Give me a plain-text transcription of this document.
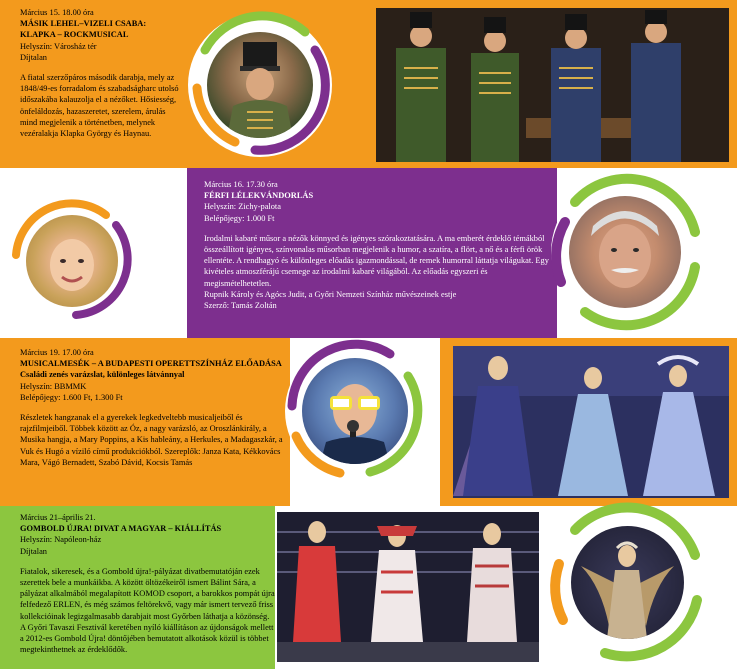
Március 15. 18.00 óra
MÁSIK LEHEL–VIZELI CSABA: KLAPKA – ROCKMUSICAL
Helyszín: Városház tér
Díjtalan
A fiatal szerzőpáros második darabja, mely az 1848/49-es forradalom és szabadságharc utolsó időszakába kalauzolja el a nézőket. Hősiesség, önfeláldozás, hazaszeretet, szerelem, árulás mind megjelenik a történetben, melynek vezéralakja Klapka György és Haynau.
Március 16. 17.30 óra
FÉRFI LÉLEKVÁNDORLÁS
Helyszín: Zichy-palota
Belépőjegy: 1.000 Ft
Irodalmi kabaré műsor a nézők könnyed és igényes szórakoztatására. A ma emberét érdeklő témákból összeállított igényes, színvonalas műsorban megjelenik a humor, a szatíra, a flört, a nő és a férfi örök ellentéte. A rendhagyó és különleges előadás igazmondással, de remek humorral láttatja világukat. Egy kivételes atmoszférájú csemege az irodalmi kabaré világából. Az előadás egyszeri és megismételhetetlen.
Rupnik Károly és Agócs Judit, a Győri Nemzeti Színház művészeinek estje
Szerző: Tamás Zoltán
Március 19. 17.00 óra
MUSICALMESÉK – A BUDAPESTI OPERETTSZÍNHÁZ ELŐADÁSA
Családi zenés varázslat, különleges látvánnyal
Helyszín: BBMMK
Belépőjegy: 1.600 Ft, 1.300 Ft
Részletek hangzanak el a gyerekek legkedveltebb musicaljeiből és rajzfilmjeiből. Többek között az Óz, a nagy varázsló, az Oroszlánkirály, a Musika hangja, a Mary Poppins, a Kis hableány, a Herkules, a Madagaszkár, a Vuk és Hugó a víziló című produkciókból. Szereplők: Janza Kata, Kékkovács Mara, Vágó Bernadett, Szabó Dávid, Kocsis Tamás
Március 21–április 21.
GOMBOLD ÚJRA! DIVAT A MAGYAR – KIÁLLÍTÁS
Helyszín: Napóleon-ház
Díjtalan
Fiatalok, sikeresek, és a Gombold újra!-pályázat divatbemutatóján ezek szerettek bele a munkáikba. A között öltözékeiről ismert Bálint Sára, a pályázat alkalmából megalapított KOMOD csoport, a barokkos pompát újra felfedező ERLEN, és még számos feltörekvő, vagy már ismert tervező friss kollekcióinak legizgalmasabb darabjait most Győrben láthatja a közönség. A Győri Tavaszi Fesztivál keretében nyíló kiállításon az újdonságok mellett a 2012-es Gombold Újra! döntőjében bemutatott alkotások közül is többet megtekinthetnek az érdeklődők.
